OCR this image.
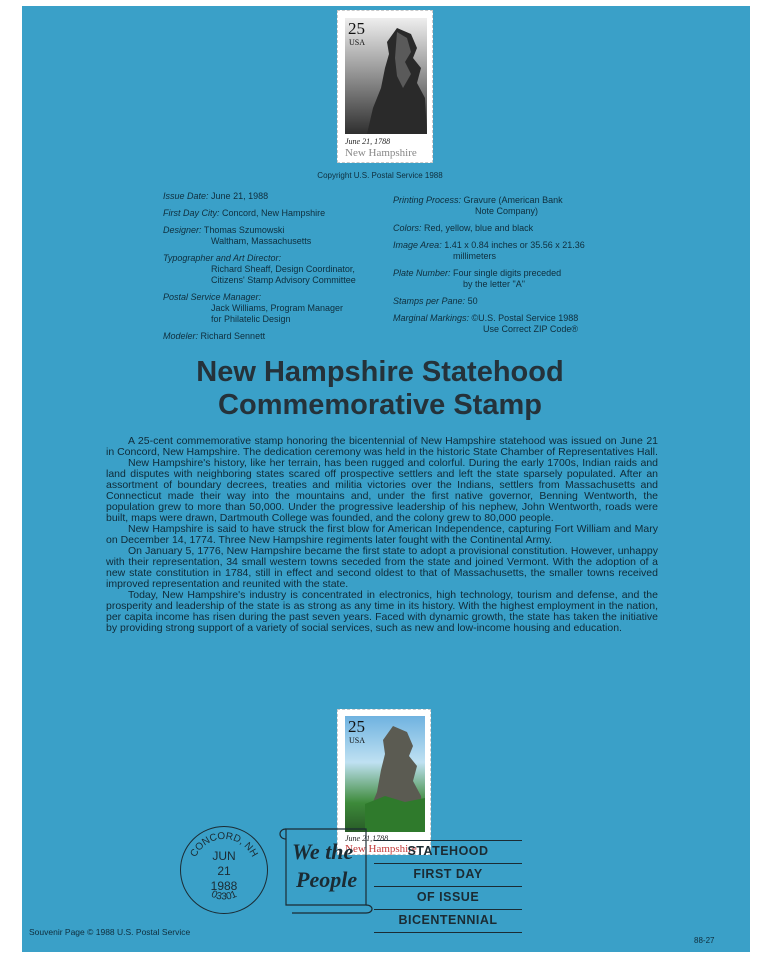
25
USA
June 21, 1788
New Hampshire
Copyright U.S. Postal Service 1988
Issue Date: June 21, 1988
First Day City: Concord, New Hampshire
Designer: Thomas Szumowski
Waltham, Massachusetts
Typographer and Art Director:
Richard Sheaff, Design Coordinator,
Citizens' Stamp Advisory Committee
Postal Service Manager:
Jack Williams, Program Manager
for Philatelic Design
Modeler: Richard Sennett
Printing Process: Gravure (American Bank
Note Company)
Colors: Red, yellow, blue and black
Image Area: 1.41 x 0.84 inches or 35.56 x 21.36
millimeters
Plate Number: Four single digits preceded
by the letter "A"
Stamps per Pane: 50
Marginal Markings: ©U.S. Postal Service 1988
Use Correct ZIP Code®
New Hampshire Statehood
Commemorative Stamp

A 25-cent commemorative stamp honoring the bicentennial of New Hampshire statehood was issued on June 21 in Concord, New Hampshire. The dedication ceremony was held in the historic State Chamber of Representatives Hall.

New Hampshire's history, like her terrain, has been rugged and colorful. During the early 1700s, Indian raids and land disputes with neighboring states scared off prospective settlers and left the state sparsely populated. After an assortment of boundary decrees, treaties and militia victories over the Indians, settlers from Massachusetts and Connecticut made their way into the mountains and, under the first native governor, Benning Wentworth, the population grew to more than 50,000. Under the progressive leadership of his nephew, John Wentworth, roads were built, maps were drawn, Dartmouth College was founded, and the colony grew to 80,000 people.

New Hampshire is said to have struck the first blow for American Independence, capturing Fort William and Mary on December 14, 1774. Three New Hampshire regiments later fought with the Continental Army.

On January 5, 1776, New Hampshire became the first state to adopt a provisional constitution. However, unhappy with their representation, 34 small western towns seceded from the state and joined Vermont. With the adoption of a new state constitution in 1784, still in effect and second oldest to that of Massachusetts, the smaller towns received improved representation and reunited with the state.

Today, New Hampshire's industry is concentrated in electronics, high technology, tourism and defense, and the prosperity and leadership of the state is as strong as any time in its history. With the highest employment in the nation, per capita income has risen during the past seven years. Faced with dynamic growth, the state has taken the initiative by providing strong support of a variety of social services, such as new and low-income housing and education.

25
USA
June 21,1788
New Hampshire
CONCORD, NH
03301
JUN
21
1988
We the
People
STATEHOOD
FIRST DAY
OF ISSUE
BICENTENNIAL
Souvenir Page © 1988 U.S. Postal Service
88-27
